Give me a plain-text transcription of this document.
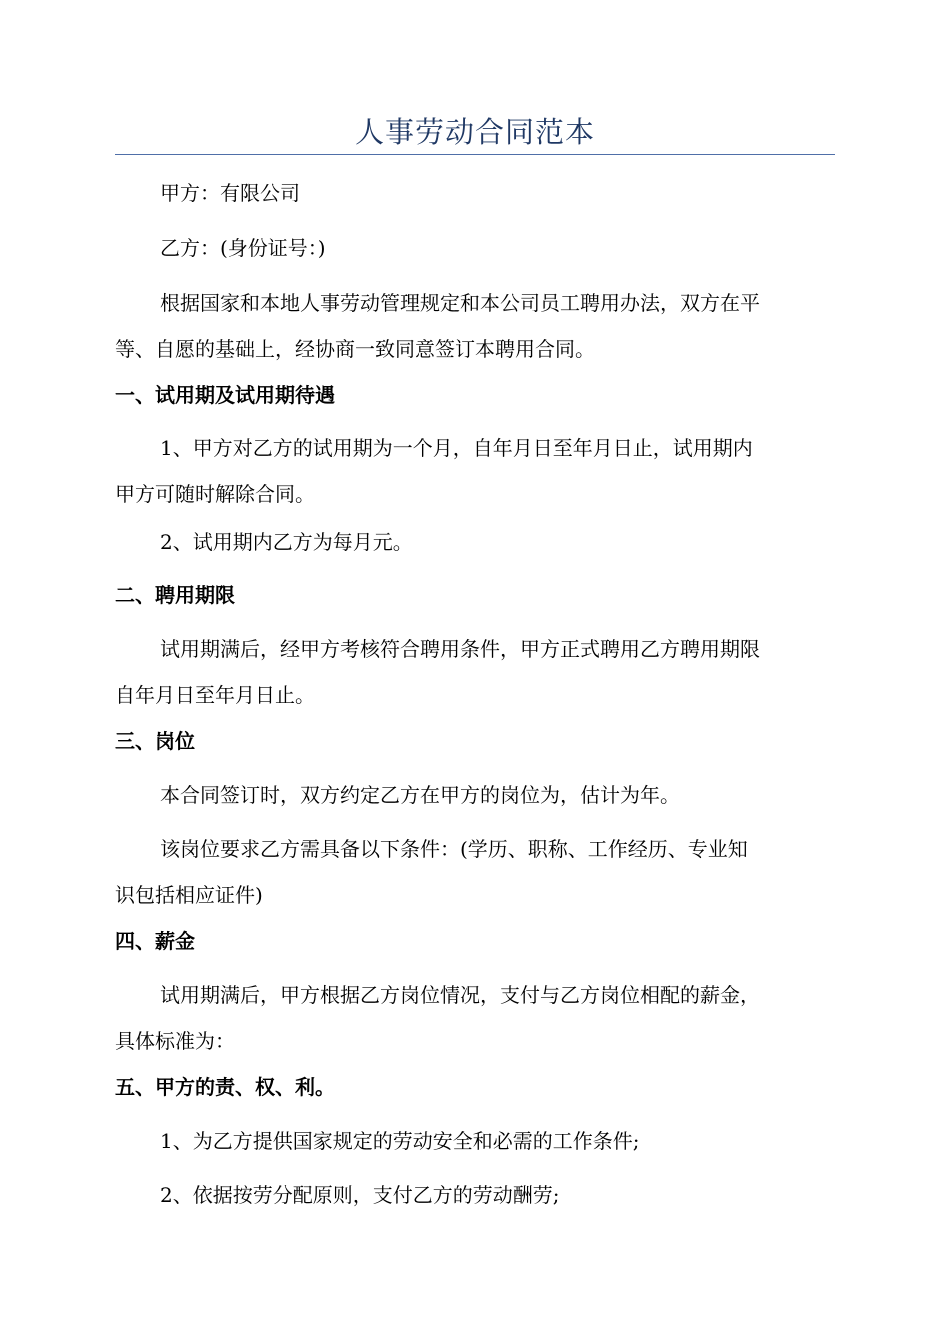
人事劳动合同范本

甲方：有限公司

乙方：(身份证号：)

根据国家和本地人事劳动管理规定和本公司员工聘用办法，双方在平
等、自愿的基础上，经协商一致同意签订本聘用合同。

一、试用期及试用期待遇

1、甲方对乙方的试用期为一个月，自年月日至年月日止，试用期内
甲方可随时解除合同。

2、试用期内乙方为每月元。

二、聘用期限

试用期满后，经甲方考核符合聘用条件，甲方正式聘用乙方聘用期限
自年月日至年月日止。

三、岗位

本合同签订时，双方约定乙方在甲方的岗位为，估计为年。

该岗位要求乙方需具备以下条件：(学历、职称、工作经历、专业知
识包括相应证件)

四、薪金

试用期满后，甲方根据乙方岗位情况，支付与乙方岗位相配的薪金，
具体标准为：

五、甲方的责、权、利。

1、为乙方提供国家规定的劳动安全和必需的工作条件;

2、依据按劳分配原则，支付乙方的劳动酬劳;
